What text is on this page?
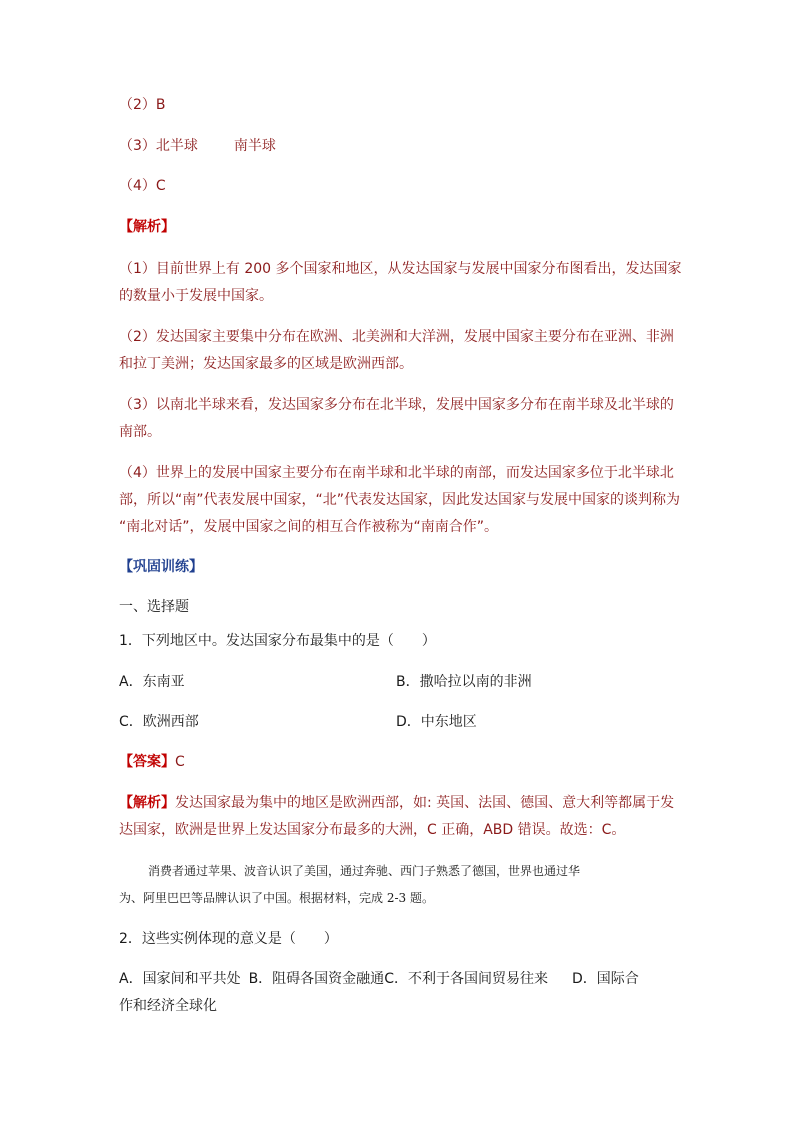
（2）B
（3）北半球	南半球
（4）C
【解析】
（1）目前世界上有 200 多个国家和地区，从发达国家与发展中国家分布图看出，发达国家
的数量小于发展中国家。
（2）发达国家主要集中分布在欧洲、北美洲和大洋洲，发展中国家主要分布在亚洲、非洲
和拉丁美洲；发达国家最多的区域是欧洲西部。
（3）以南北半球来看，发达国家多分布在北半球，发展中国家多分布在南半球及北半球的
南部。
（4）世界上的发展中国家主要分布在南半球和北半球的南部，而发达国家多位于北半球北
部，所以“南”代表发展中国家，“北”代表发达国家，因此发达国家与发展中国家的谈判称为
“南北对话”，发展中国家之间的相互合作被称为“南南合作”。
【巩固训练】
一、选择题
1．下列地区中。发达国家分布最集中的是（　　）
A．东南亚	B．撒哈拉以南的非洲
C．欧洲西部	D．中东地区
【答案】C
【解析】发达国家最为集中的地区是欧洲西部，如: 英国、法国、德国、意大利等都属于发
达国家，欧洲是世界上发达国家分布最多的大洲，C 正确，ABD 错误。故选：C。
消费者通过苹果、波音认识了美国，通过奔驰、西门子熟悉了德国，世界也通过华
为、阿里巴巴等品牌认识了中国。根据材料，完成 2-3 题。
2．这些实例体现的意义是（　　）
A．国家间和平共处 B．阻碍各国资金融通C．不利于各国间贸易往来 D．国际合
作和经济全球化
